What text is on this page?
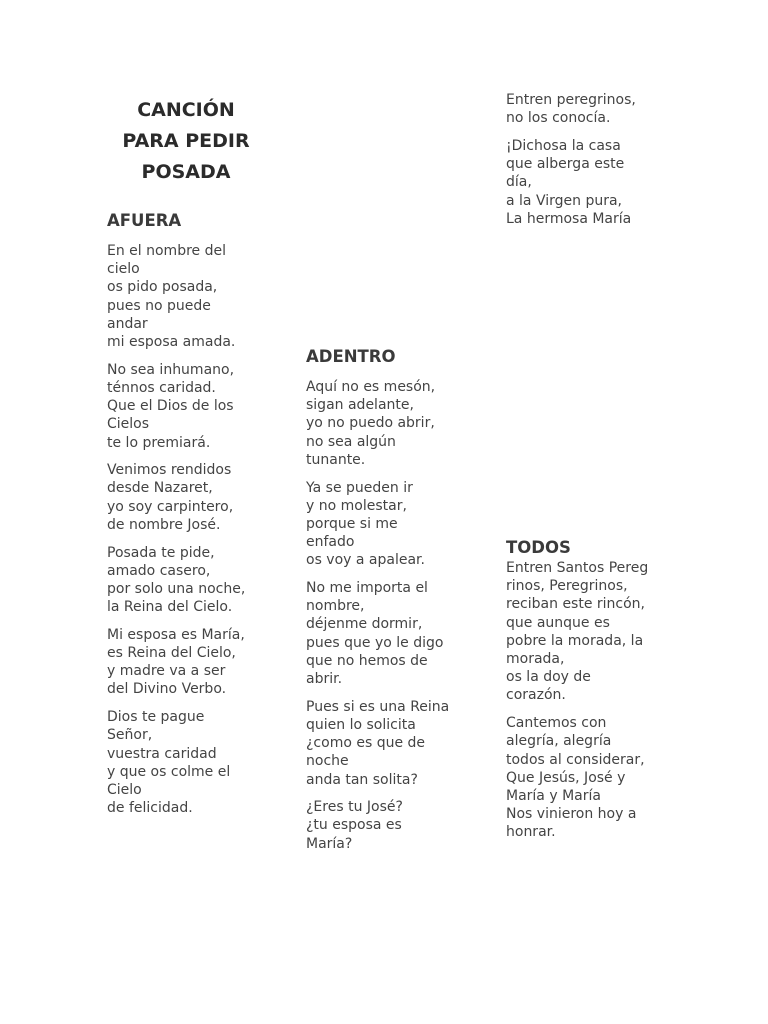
CANCIÓN
PARA PEDIR
POSADA
AFUERA

En el nombre del
cielo
os pido posada,
pues no puede
andar
mi esposa amada.

No sea inhumano,
ténnos caridad.
Que el Dios de los
Cielos
te lo premiará.

Venimos rendidos
desde Nazaret,
yo soy carpintero,
de nombre José.

Posada te pide,
amado casero,
por solo una noche,
la Reina del Cielo.

Mi esposa es María,
es Reina del Cielo,
y madre va a ser
del Divino Verbo.

Dios te pague
Señor,
vuestra caridad
y que os colme el
Cielo
de felicidad.

ADENTRO

Aquí no es mesón,
sigan adelante,
yo no puedo abrir,
no sea algún
tunante.

Ya se pueden ir
y no molestar,
porque si me
enfado
os voy a apalear.

No me importa el
nombre,
déjenme dormir,
pues que yo le digo
que no hemos de
abrir.

Pues si es una Reina
quien lo solicita
¿como es que de
noche
anda tan solita?

¿Eres tu José?
¿tu esposa es
María?

Entren peregrinos,
no los conocía.

¡Dichosa la casa
que alberga este
día,
a la Virgen pura,
La hermosa María

TODOS

Entren Santos Pereg
rinos, Peregrinos,
reciban este rincón,
que aunque es
pobre la morada, la
morada,
os la doy de
corazón.

Cantemos con
alegría, alegría
todos al considerar,
Que Jesús, José y
María y María
Nos vinieron hoy a
honrar.
